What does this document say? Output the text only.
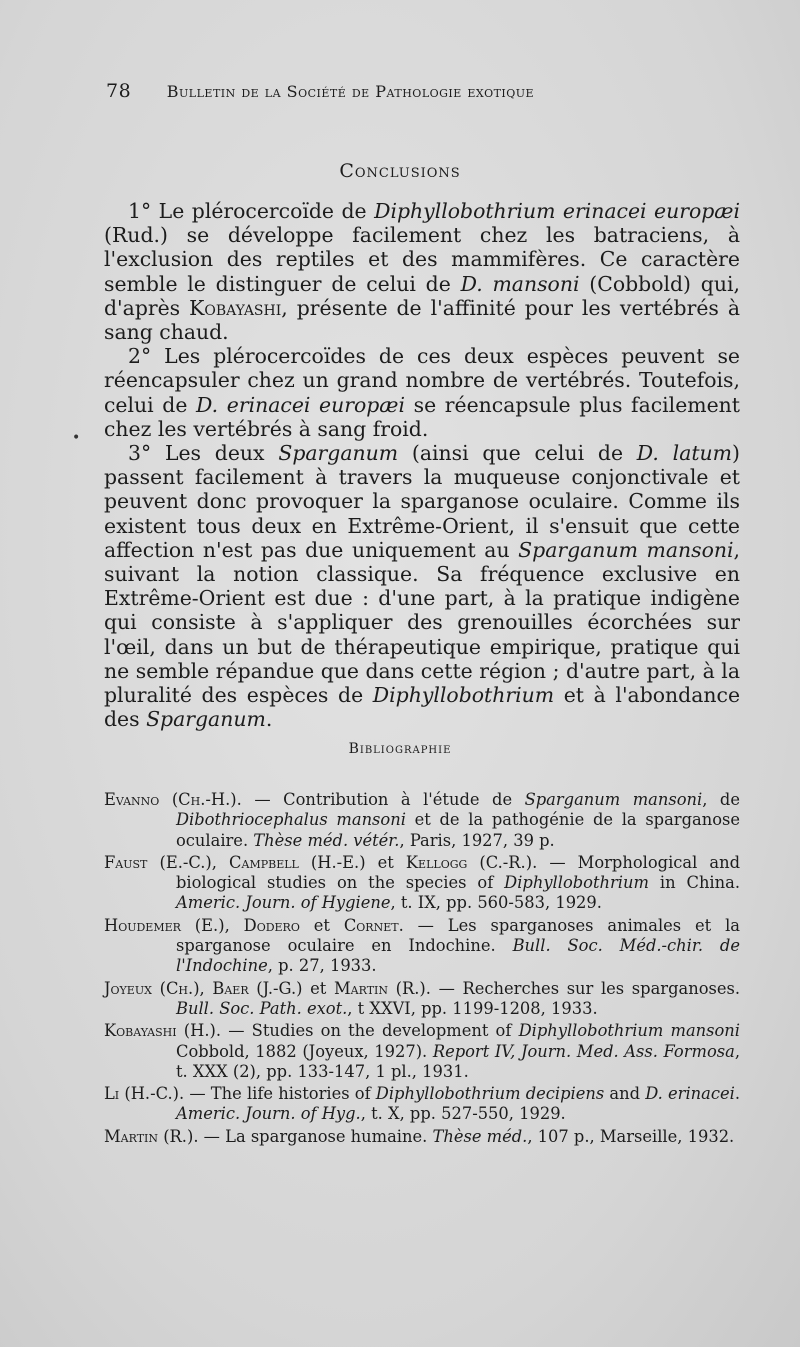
78 Bulletin de la Société de Pathologie exotique
Conclusions
•

1° Le plérocercoïde de Diphyllobothrium erinacei europæi (Rud.) se développe facilement chez les batraciens, à l'exclusion des reptiles et des mammifères. Ce caractère semble le distinguer de celui de D. mansoni (Cobbold) qui, d'après Kobayashi, présente de l'affinité pour les vertébrés à sang chaud.

2° Les plérocercoïdes de ces deux espèces peuvent se réencapsuler chez un grand nombre de vertébrés. Toutefois, celui de D. erinacei europæi se réencapsule plus facilement chez les vertébrés à sang froid.

3° Les deux Sparganum (ainsi que celui de D. latum) passent facilement à travers la muqueuse conjonctivale et peuvent donc provoquer la sparganose oculaire. Comme ils existent tous deux en Extrême-Orient, il s'ensuit que cette affection n'est pas due uniquement au Sparganum mansoni, suivant la notion classique. Sa fréquence exclusive en Extrême-Orient est due : d'une part, à la pratique indigène qui consiste à s'appliquer des grenouilles écorchées sur l'œil, dans un but de thérapeutique empirique, pratique qui ne semble répandue que dans cette région ; d'autre part, à la pluralité des espèces de Diphyllobothrium et à l'abondance des Sparganum.

Bibliographie

Evanno (Ch.-H.). — Contribution à l'étude de Sparganum mansoni, de Dibothriocephalus mansoni et de la pathogénie de la sparganose oculaire. Thèse méd. vétér., Paris, 1927, 39 p.

Faust (E.-C.), Campbell (H.-E.) et Kellogg (C.-R.). — Morphological and biological studies on the species of Diphyllobothrium in China. Americ. Journ. of Hygiene, t. IX, pp. 560-583, 1929.

Houdemer (E.), Dodero et Cornet. — Les sparganoses animales et la sparganose oculaire en Indochine. Bull. Soc. Méd.-chir. de l'Indochine, p. 27, 1933.

Joyeux (Ch.), Baer (J.-G.) et Martin (R.). — Recherches sur les sparganoses. Bull. Soc. Path. exot., t XXVI, pp. 1199-1208, 1933.

Kobayashi (H.). — Studies on the development of Diphyllobothrium mansoni Cobbold, 1882 (Joyeux, 1927). Report IV, Journ. Med. Ass. Formosa, t. XXX (2), pp. 133-147, 1 pl., 1931.

Li (H.-C.). — The life histories of Diphyllobothrium decipiens and D. erinacei. Americ. Journ. of Hyg., t. X, pp. 527-550, 1929.

Martin (R.). — La sparganose humaine. Thèse méd., 107 p., Marseille, 1932.
